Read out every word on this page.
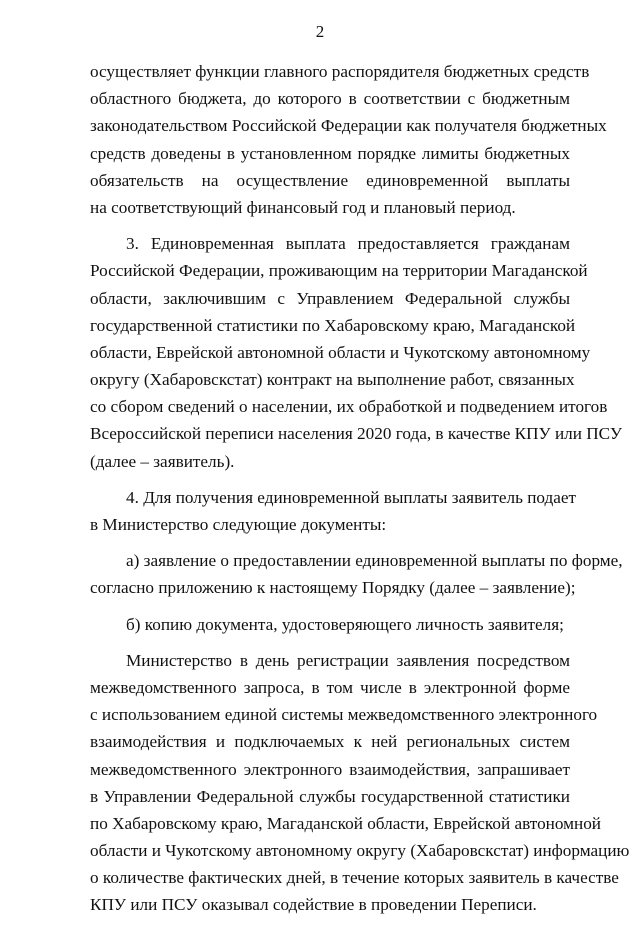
2
осуществляет функции главного распорядителя бюджетных средств
областного бюджета, до которого в соответствии с бюджетным
законодательством Российской Федерации как получателя бюджетных
средств доведены в установленном порядке лимиты бюджетных
обязательств на осуществление единовременной выплаты
на соответствующий финансовый год и плановый период.
3. Единовременная выплата предоставляется гражданам
Российской Федерации, проживающим на территории Магаданской
области, заключившим с Управлением Федеральной службы
государственной статистики по Хабаровскому краю, Магаданской
области, Еврейской автономной области и Чукотскому автономному
округу (Хабаровскстат) контракт на выполнение работ, связанных
со сбором сведений о населении, их обработкой и подведением итогов
Всероссийской переписи населения 2020 года, в качестве КПУ или ПСУ
(далее – заявитель).
4. Для получения единовременной выплаты заявитель подает
в Министерство следующие документы:
а) заявление о предоставлении единовременной выплаты по форме,
согласно приложению к настоящему Порядку (далее – заявление);
б) копию документа, удостоверяющего личность заявителя;
Министерство в день регистрации заявления посредством
межведомственного запроса, в том числе в электронной форме
с использованием единой системы межведомственного электронного
взаимодействия и подключаемых к ней региональных систем
межведомственного электронного взаимодействия, запрашивает
в Управлении Федеральной службы государственной статистики
по Хабаровскому краю, Магаданской области, Еврейской автономной
области и Чукотскому автономному округу (Хабаровскстат) информацию
о количестве фактических дней, в течение которых заявитель в качестве
КПУ или ПСУ оказывал содействие в проведении Переписи.
